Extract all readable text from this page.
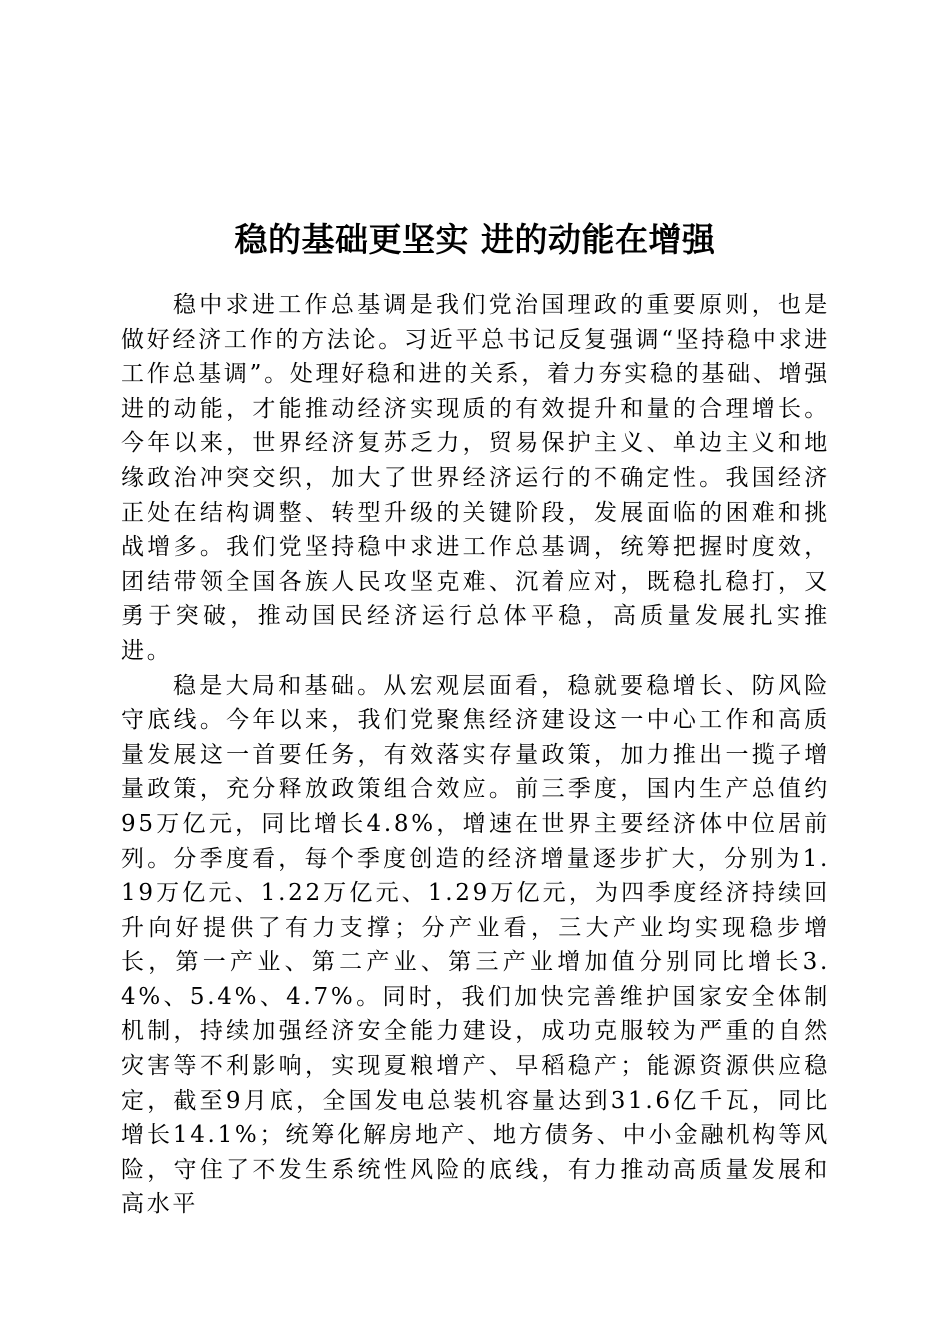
稳的基础更坚实 进的动能在增强

稳中求进工作总基调是我们党治国理政的重要原则，也是做好经济工作的方法论。习近平总书记反复强调“坚持稳中求进工作总基调”。处理好稳和进的关系，着力夯实稳的基础、增强进的动能，才能推动经济实现质的有效提升和量的合理增长。今年以来，世界经济复苏乏力，贸易保护主义、单边主义和地缘政治冲突交织，加大了世界经济运行的不确定性。我国经济正处在结构调整、转型升级的关键阶段，发展面临的困难和挑战增多。我们党坚持稳中求进工作总基调，统筹把握时度效，团结带领全国各族人民攻坚克难、沉着应对，既稳扎稳打，又勇于突破，推动国民经济运行总体平稳，高质量发展扎实推进。

稳是大局和基础。从宏观层面看，稳就要稳增长、防风险守底线。今年以来，我们党聚焦经济建设这一中心工作和高质量发展这一首要任务，有效落实存量政策，加力推出一揽子增量政策，充分释放政策组合效应。前三季度，国内生产总值约95万亿元，同比增长4.8%，增速在世界主要经济体中位居前列。分季度看，每个季度创造的经济增量逐步扩大，分别为1.19万亿元、1.22万亿元、1.29万亿元，为四季度经济持续回升向好提供了有力支撑；分产业看，三大产业均实现稳步增长，第一产业、第二产业、第三产业增加值分别同比增长3.4%、5.4%、4.7%。同时，我们加快完善维护国家安全体制机制，持续加强经济安全能力建设，成功克服较为严重的自然灾害等不利影响，实现夏粮增产、早稻稳产；能源资源供应稳定，截至9月底，全国发电总装机容量达到31.6亿千瓦，同比增长14.1%；统筹化解房地产、地方债务、中小金融机构等风险，守住了不发生系统性风险的底线，有力推动高质量发展和高水平
